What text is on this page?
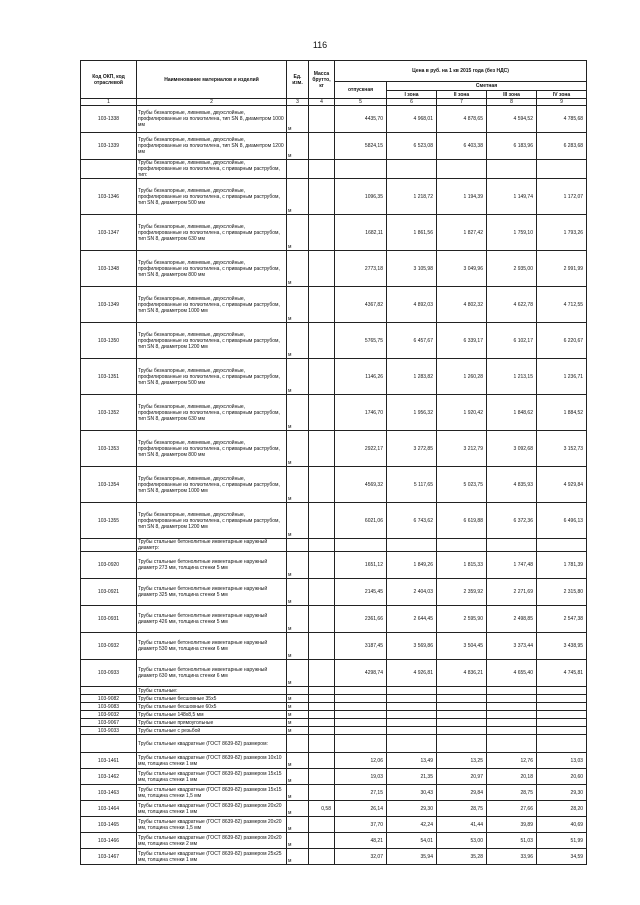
116
Код ОКП, код отраслевой	Наименование материалов и изделий	Ед. изм.	Масса брутто, кг	Цена в руб. на 1 кв 2015 года (без НДС)				
				отпускная	Сметная			
					I зона	II зона	III зона	IV зона
1	2	3	4	5	6	7	8	9
103-1338	Трубы безнапорные, ливневые, двухслойные, профилированные из полиэтилена, тип SN 8, диаметром 1000 мм	м		4435,70	4 968,01	4 878,65	4 594,52	4 785,68
103-1339	Трубы безнапорные, ливневые, двухслойные, профилированные из полиэтилена, тип SN 8, диаметром 1200 мм	м		5824,15	6 523,08	6 403,38	6 183,96	6 283,68
	Трубы безнапорные, ливневые, двухслойные, профилированные из полиэтилена, с приварным раструбом, тип:							
103-1346	Трубы безнапорные, ливневые, двухслойные, профилированные из полиэтилена, с приварным раструбом, тип SN 8, диаметром 500 мм	м		1096,35	1 218,72	1 194,39	1 149,74	1 172,07
103-1347	Трубы безнапорные, ливневые, двухслойные, профилированные из полиэтилена, с приварным раструбом, тип SN 8, диаметром 630 мм	м		1682,11	1 861,56	1 827,42	1 759,10	1 793,26
103-1348	Трубы безнапорные, ливневые, двухслойные, профилированные из полиэтилена, с приварным раструбом, тип SN 8, диаметром 800 мм	м		2773,18	3 105,98	3 049,96	2 935,00	2 991,99
103-1349	Трубы безнапорные, ливневые, двухслойные, профилированные из полиэтилена, с приварным раструбом, тип SN 8, диаметром 1000 мм	м		4367,82	4 892,03	4 802,32	4 622,78	4 712,55
103-1350	Трубы безнапорные, ливневые, двухслойные, профилированные из полиэтилена, с приварным раструбом, тип SN 8, диаметром 1200 мм	м		5765,75	6 457,67	6 339,17	6 102,17	6 220,67
103-1351	Трубы безнапорные, ливневые, двухслойные, профилированные из полиэтилена, с приварным раструбом, тип SN 8, диаметром 500 мм	м		1146,26	1 283,82	1 260,28	1 213,15	1 236,71
103-1352	Трубы безнапорные, ливневые, двухслойные, профилированные из полиэтилена, с приварным раструбом, тип SN 8, диаметром 630 мм	м		1746,70	1 956,32	1 920,42	1 848,62	1 884,52
103-1353	Трубы безнапорные, ливневые, двухслойные, профилированные из полиэтилена, с приварным раструбом, тип SN 8, диаметром 800 мм	м		2922,17	3 272,85	3 212,79	3 092,68	3 152,73
103-1354	Трубы безнапорные, ливневые, двухслойные, профилированные из полиэтилена, с приварным раструбом, тип SN 8, диаметром 1000 мм	м		4569,32	5 117,65	5 023,75	4 835,93	4 929,84
103-1355	Трубы безнапорные, ливневые, двухслойные, профилированные из полиэтилена, с приварным раструбом, тип SN 8, диаметром 1200 мм	м		6021,06	6 743,62	6 619,88	6 372,36	6 496,13
	Трубы стальные бетонолитные инвентарные наружный диаметр:							
103-0920	Трубы стальные бетонолитные инвентарные наружный диаметр 273 мм, толщина стенки 5 мм	м		1651,12	1 849,26	1 815,33	1 747,48	1 781,39
103-0921	Трубы стальные бетонолитные инвентарные наружный диаметр 325 мм, толщина стенки 5 мм	м		2145,45	2 404,03	2 359,92	2 271,69	2 315,80
103-0931	Трубы стальные бетонолитные инвентарные наружный диаметр 426 мм, толщина стенки 5 мм	м		2361,66	2 644,45	2 595,90	2 498,85	2 547,38
103-0932	Трубы стальные бетонолитные инвентарные наружный диаметр 530 мм, толщина стенки 6 мм	м		3187,45	3 569,86	3 504,45	3 373,44	3 438,95
103-0933	Трубы стальные бетонолитные инвентарные наружный диаметр 630 мм, толщина стенки 6 мм	м		4298,74	4 926,81	4 836,21	4 655,40	4 745,81
	Трубы стальные:							
103-9082	Трубы стальные бесшовные 35х5	м						
103-9083	Трубы стальные бесшовные 60х5	м						
103-9032	Трубы стальные 148х8,5 мм	м						
103-9067	Трубы стальные прямоугольные	м						
103-9033	Трубы стальные с резьбой	м						
	Трубы стальные квадратные (ГОСТ 8639-82) размером:							
103-1461	Трубы стальные квадратные (ГОСТ 8639-82) размером 10х10 мм, толщина стенки 1 мм	м		12,06	13,49	13,25	12,76	13,03
103-1462	Трубы стальные квадратные (ГОСТ 8639-82) размером 15х15 мм, толщина стенки 1 мм	м		19,03	21,35	20,97	20,18	20,60
103-1463	Трубы стальные квадратные (ГОСТ 8639-82) размером 15х15 мм, толщина стенки 1,5 мм	м		27,15	30,43	29,84	28,75	29,30
103-1464	Трубы стальные квадратные (ГОСТ 8639-82) размером 20х20 мм, толщина стенки 1 мм	м	0,58	26,14	29,30	28,75	27,66	28,20
103-1465	Трубы стальные квадратные (ГОСТ 8639-82) размером 20х20 мм, толщина стенки 1,5 мм	м		37,70	42,24	41,44	39,89	40,69
103-1466	Трубы стальные квадратные (ГОСТ 8639-82) размером 20х20 мм, толщина стенки 2 мм	м		48,21	54,01	53,00	51,03	51,99
103-1467	Трубы стальные квадратные (ГОСТ 8639-82) размером 25х25 мм, толщина стенки 1 мм	м		32,07	35,94	35,28	33,96	34,59
